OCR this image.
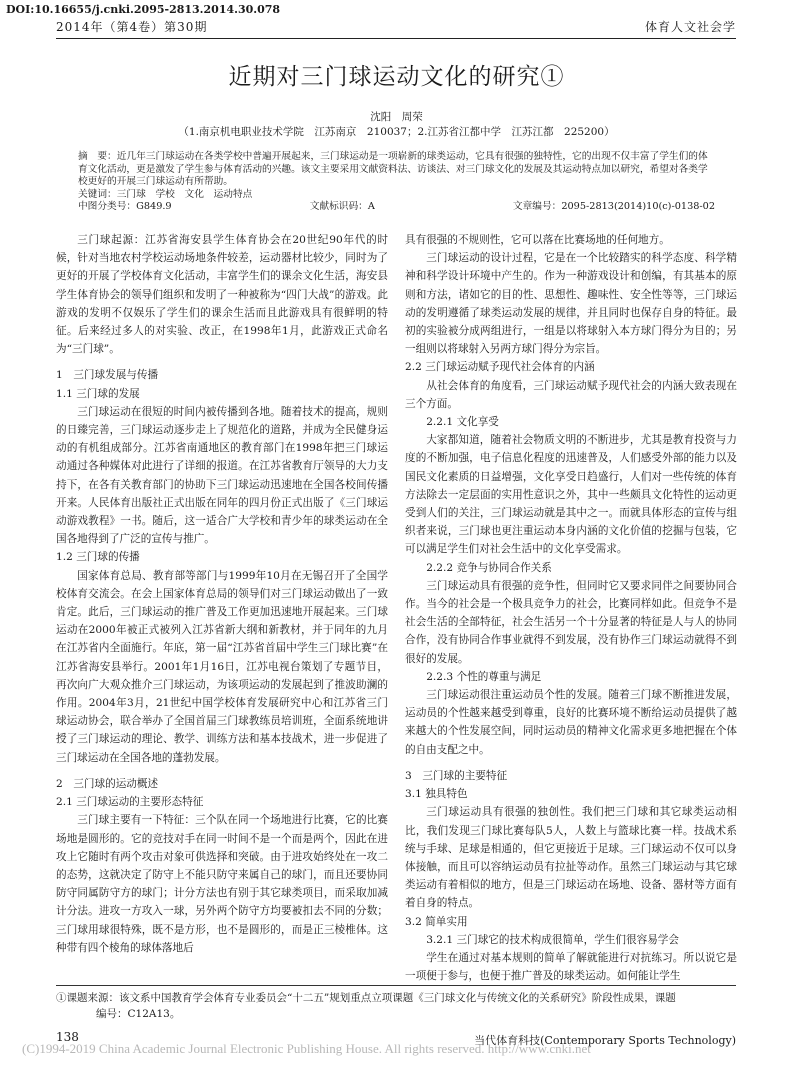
DOI:10.16655/j.cnki.2095-2813.2014.30.078
2014年（第4卷）第30期	体育人文社会学
近期对三门球运动文化的研究①
沈阳　周荣
（1.南京机电职业技术学院　江苏南京　210037；2.江苏省江都中学　江苏江都　225200）

摘　要：近几年三门球运动在各类学校中普遍开展起来，三门球运动是一项崭新的球类运动，它具有很强的独特性，它的出现不仅丰富了学生们的体育文化活动，更是激发了学生参与体育活动的兴趣。该文主要采用文献资料法、访谈法、对三门球文化的发展及其运动特点加以研究，希望对各类学校更好的开展三门球运动有所帮助。

关键词：三门球　学校　文化　运动特点

中图分类号：G849.9	文献标识码：A	文章编号：2095-2813(2014)10(c)-0138-02

三门球起源：江苏省海安县学生体育协会在20世纪90年代的时候，针对当地农村学校运动场地条件较差，运动器材比较少，同时为了更好的开展了学校体育文化活动，丰富学生们的课余文化生活，海安县学生体育协会的领导们组织和发明了一种被称为“四门大战”的游戏。此游戏的发明不仅娱乐了学生们的课余生活而且此游戏具有很鲜明的特征。后来经过多人的对实验、改正，在1998年1月，此游戏正式命名为“三门球”。

1　三门球发展与传播
1.1 三门球的发展

三门球运动在很短的时间内被传播到各地。随着技术的提高，规则的日臻完善，三门球运动逐步走上了规范化的道路，并成为全民健身运动的有机组成部分。江苏省南通地区的教育部门在1998年把三门球运动通过各种媒体对此进行了详细的报道。在江苏省教育厅领导的大力支持下，在各有关教育部门的协助下三门球运动迅速地在全国各校间传播开来。人民体育出版社正式出版在同年的四月份正式出版了《三门球运动游戏教程》一书。随后，这一适合广大学校和青少年的球类运动在全国各地得到了广泛的宣传与推广。

1.2 三门球的传播

国家体育总局、教育部等部门与1999年10月在无锡召开了全国学校体育交流会。在会上国家体育总局的领导们对三门球运动做出了一致肯定。此后，三门球运动的推广普及工作更加迅速地开展起来。三门球运动在2000年被正式被列入江苏省新大纲和新教材，并于同年的九月在江苏省内全面施行。年底，第一届“江苏省首届中学生三门球比赛”在江苏省海安县举行。2001年1月16日，江苏电视台策划了专题节目，再次向广大观众推介三门球运动，为该项运动的发展起到了推波助澜的作用。2004年3月，21世纪中国学校体育发展研究中心和江苏省三门球运动协会，联合举办了全国首届三门球教练员培训班，全面系统地讲授了三门球运动的理论、教学、训练方法和基本技战术，进一步促进了三门球运动在全国各地的蓬勃发展。

2　三门球的运动概述
2.1 三门球运动的主要形态特征

三门球主要有一下特征：三个队在同一个场地进行比赛，它的比赛场地是圆形的。它的竞技对手在同一时间不是一个而是两个，因此在进攻上它随时有两个攻击对象可供选择和突破。由于进攻始终处在一攻二的态势，这就决定了防守上不能只防守来属自己的球门，而且还要协同防守同属防守方的球门；计分方法也有别于其它球类项目，而采取加减计分法。进攻一方攻入一球，另外两个防守方均要被扣去不同的分数；三门球用球很特殊，既不是方形，也不是圆形的，而是正三棱椎体。这种带有四个棱角的球体落地后

具有很强的不规则性，它可以落在比赛场地的任何地方。

三门球运动的设计过程，它是在一个比较踏实的科学态度、科学精神和科学设计环境中产生的。作为一种游戏设计和创编，有其基本的原则和方法，诸如它的目的性、思想性、趣味性、安全性等等，三门球运动的发明遵循了球类运动发展的规律，并且同时也保存自身的特征。最初的实验被分成两组进行，一组是以将球射入本方球门得分为目的；另一组则以将球射入另两方球门得分为宗旨。

2.2 三门球运动赋予现代社会体育的内涵

从社会体育的角度看，三门球运动赋予现代社会的内涵大致表现在三个方面。

2.2.1 文化享受

大家都知道，随着社会物质文明的不断进步，尤其是教育投资与力度的不断加强，电子信息化程度的迅速普及，人们感受外部的能力以及国民文化素质的日益增强，文化享受日趋盛行，人们对一些传统的体育方法除去一定层面的实用性意识之外，其中一些颇具文化特性的运动更受到人们的关注，三门球运动就是其中之一。而就具体形态的宣传与组织者来说，三门球也更注重运动本身内涵的文化价值的挖掘与包装，它可以满足学生们对社会生活中的文化享受需求。

2.2.2 竞争与协同合作关系

三门球运动具有很强的竞争性，但同时它又要求同伴之间要协同合作。当今的社会是一个极具竞争力的社会，比赛同样如此。但竞争不是社会生活的全部特征，社会生活另一个十分显著的特征是人与人的协同合作，没有协同合作事业就得不到发展，没有协作三门球运动就得不到很好的发展。

2.2.3 个性的尊重与满足

三门球运动很注重运动员个性的发展。随着三门球不断推进发展，运动员的个性越来越受到尊重，良好的比赛环境不断给运动员提供了越来越大的个性发展空间，同时运动员的精神文化需求更多地把握在个体的自由支配之中。

3　三门球的主要特征
3.1 独具特色

三门球运动具有很强的独创性。我们把三门球和其它球类运动相比，我们发现三门球比赛每队5人，人数上与篮球比赛一样。技战术系统与手球、足球是相通的，但它更接近于足球。三门球运动不仅可以身体接触，而且可以容纳运动员有拉扯等动作。虽然三门球运动与其它球类运动有着相似的地方，但是三门球运动在场地、设备、器材等方面有着自身的特点。

3.2 简单实用
3.2.1 三门球它的技术构成很简单，学生们很容易学会

学生在通过对基本规则的简单了解就能进行对抗练习。所以说它是一项便于参与，也便于推广普及的球类运动。如何能让学生

①课题来源：该文系中国教育学会体育专业委员会“十二五”规划重点立项课题《三门球文化与传统文化的关系研究》阶段性成果，课题
编号：C12A13。
138	当代体育科技(Contemporary Sports Technology)
(C)1994-2019 China Academic Journal Electronic Publishing House. All rights reserved. http://www.cnki.net
